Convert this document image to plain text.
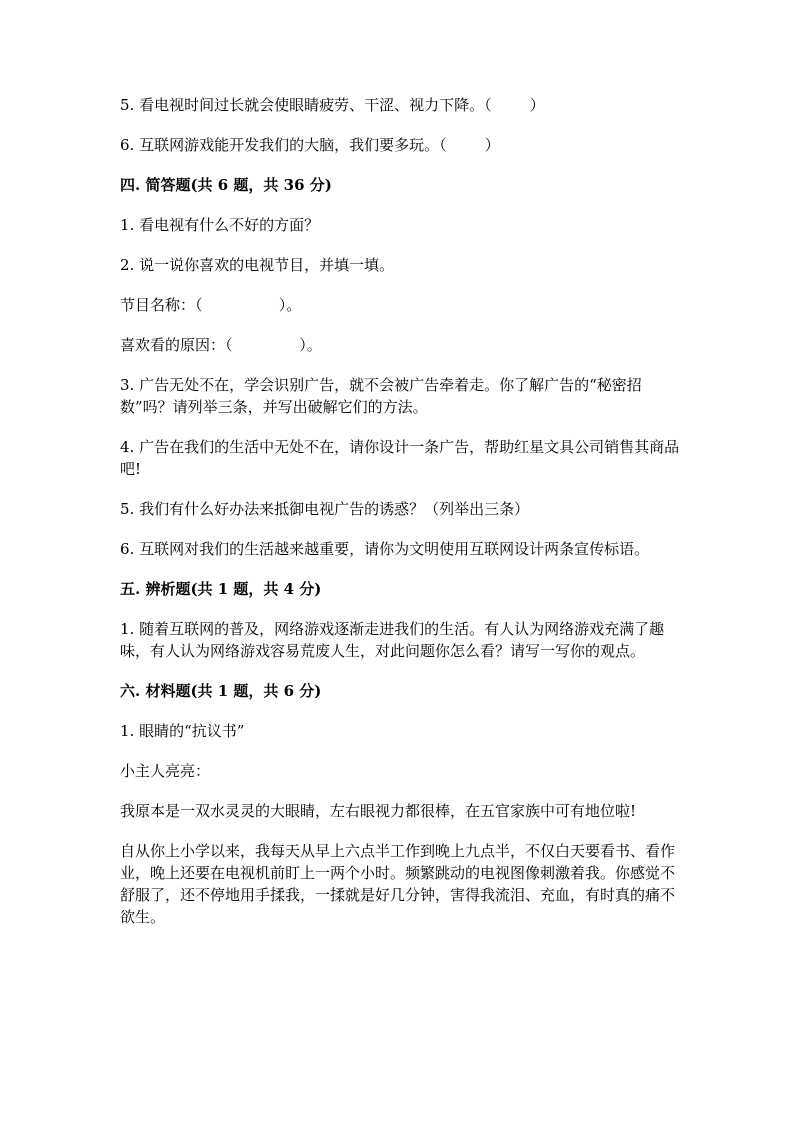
5. 看电视时间过长就会使眼睛疲劳、干涩、视力下降。（        ）
6. 互联网游戏能开发我们的大脑，我们要多玩。（        ）
四. 简答题(共 6 题，共 36 分)
1. 看电视有什么不好的方面？
2. 说一说你喜欢的电视节目，并填一填。
节目名称：（                ）。
喜欢看的原因：（              ）。
3. 广告无处不在，学会识别广告，就不会被广告牵着走。你了解广告的“秘密招数”吗？请列举三条，并写出破解它们的方法。
4. 广告在我们的生活中无处不在，请你设计一条广告，帮助红星文具公司销售其商品吧!
5. 我们有什么好办法来抵御电视广告的诱惑？（列举出三条）
6. 互联网对我们的生活越来越重要，请你为文明使用互联网设计两条宣传标语。
五. 辨析题(共 1 题，共 4 分)
1. 随着互联网的普及，网络游戏逐渐走进我们的生活。有人认为网络游戏充满了趣味，有人认为网络游戏容易荒废人生，对此问题你怎么看？请写一写你的观点。
六. 材料题(共 1 题，共 6 分)
1. 眼睛的“抗议书”
小主人亮亮：
我原本是一双水灵灵的大眼睛，左右眼视力都很棒，在五官家族中可有地位啦!
自从你上小学以来，我每天从早上六点半工作到晚上九点半，不仅白天要看书、看作业，晚上还要在电视机前盯上一两个小时。频繁跳动的电视图像刺激着我。你感觉不舒服了，还不停地用手揉我，一揉就是好几分钟，害得我流泪、充血，有时真的痛不欲生。
